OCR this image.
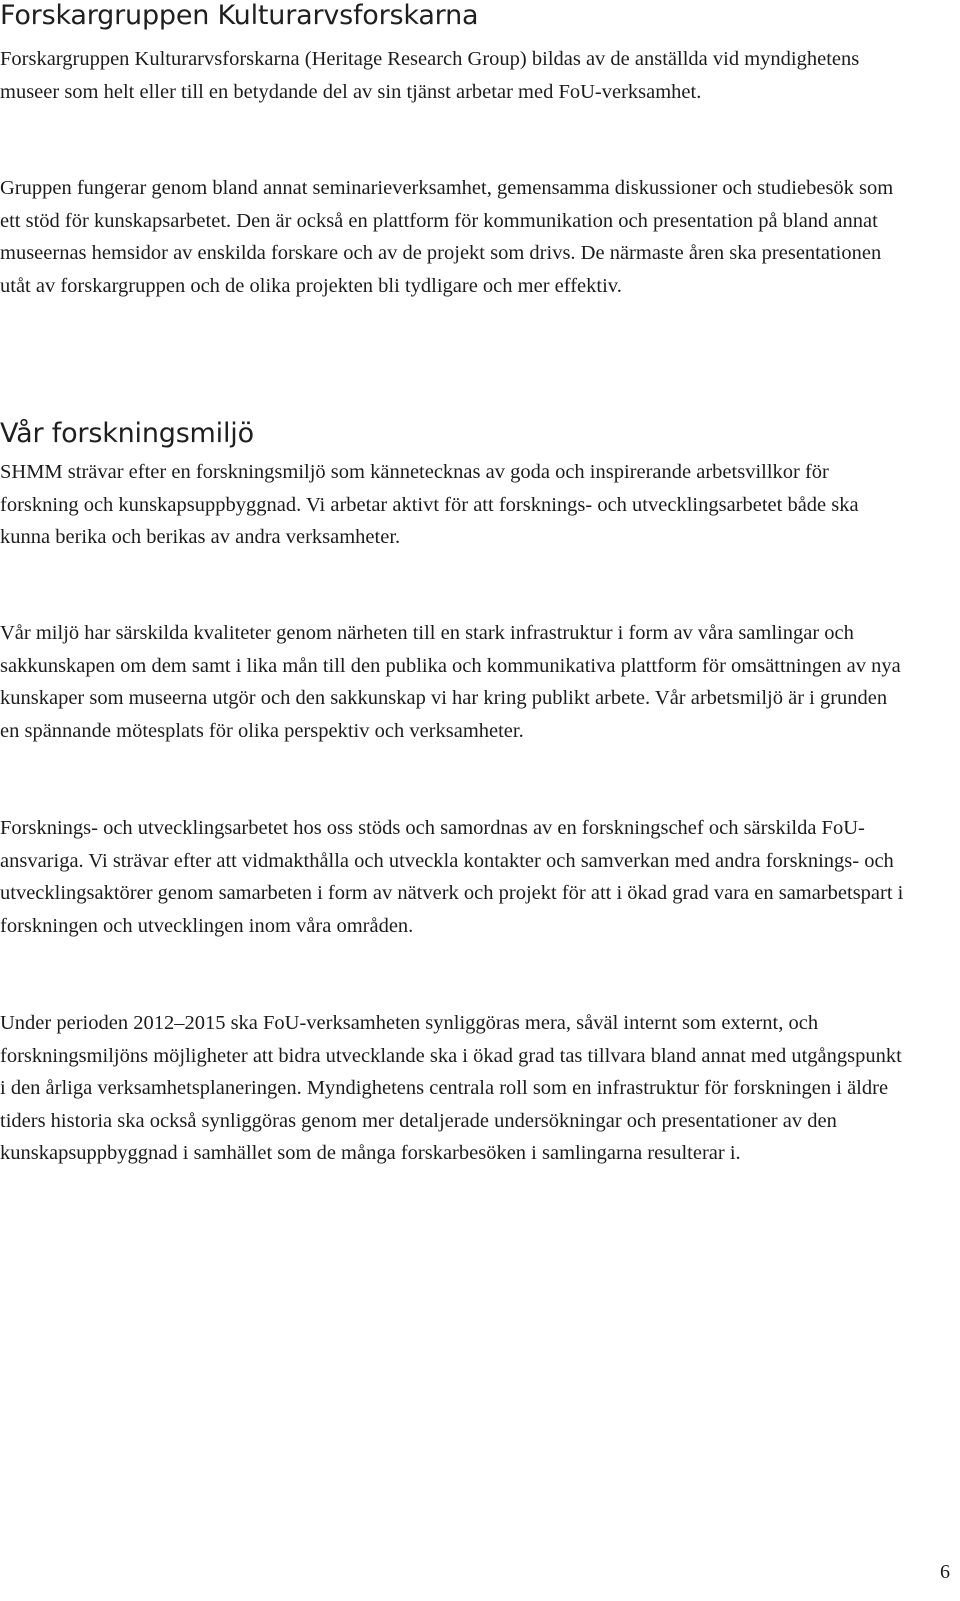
Forskargruppen Kulturarvsforskarna

Forskargruppen Kulturarvsforskarna (Heritage Research Group) bildas av de anställda vid myndighetens museer som helt eller till en betydande del av sin tjänst arbetar med FoU-verksamhet.

Gruppen fungerar genom bland annat seminarieverksamhet, gemensamma diskussioner och studiebesök som ett stöd för kunskapsarbetet. Den är också en plattform för kommunikation och presentation på bland annat museernas hemsidor av enskilda forskare och av de projekt som drivs. De närmaste åren ska presentationen utåt av forskargruppen och de olika projekten bli tydligare och mer effektiv.

Vår forskningsmiljö

SHMM strävar efter en forskningsmiljö som kännetecknas av goda och inspirerande arbetsvillkor för forskning och kunskapsuppbyggnad. Vi arbetar aktivt för att forsknings- och utvecklingsarbetet både ska kunna berika och berikas av andra verksamheter.

Vår miljö har särskilda kvaliteter genom närheten till en stark infrastruktur i form av våra samlingar och sakkunskapen om dem samt i lika mån till den publika och kommunikativa plattform för omsättningen av nya kunskaper som museerna utgör och den sakkunskap vi har kring publikt arbete. Vår arbetsmiljö är i grunden en spännande mötesplats för olika perspektiv och verksamheter.

Forsknings- och utvecklingsarbetet hos oss stöds och samordnas av en forskningschef och särskilda FoU-ansvariga. Vi strävar efter att vidmakthålla och utveckla kontakter och samverkan med andra forsknings- och utvecklingsaktörer genom samarbeten i form av nätverk och projekt för att i ökad grad vara en samarbetspart i forskningen och utvecklingen inom våra områden.

Under perioden 2012–2015 ska FoU-verksamheten synliggöras mera, såväl internt som externt, och forskningsmiljöns möjligheter att bidra utvecklande ska i ökad grad tas tillvara bland annat med utgångspunkt i den årliga verksamhetsplaneringen. Myndighetens centrala roll som en infrastruktur för forskningen i äldre tiders historia ska också synliggöras genom mer detaljerade undersökningar och presentationer av den kunskapsuppbyggnad i samhället som de många forskarbesöken i samlingarna resulterar i.

6
